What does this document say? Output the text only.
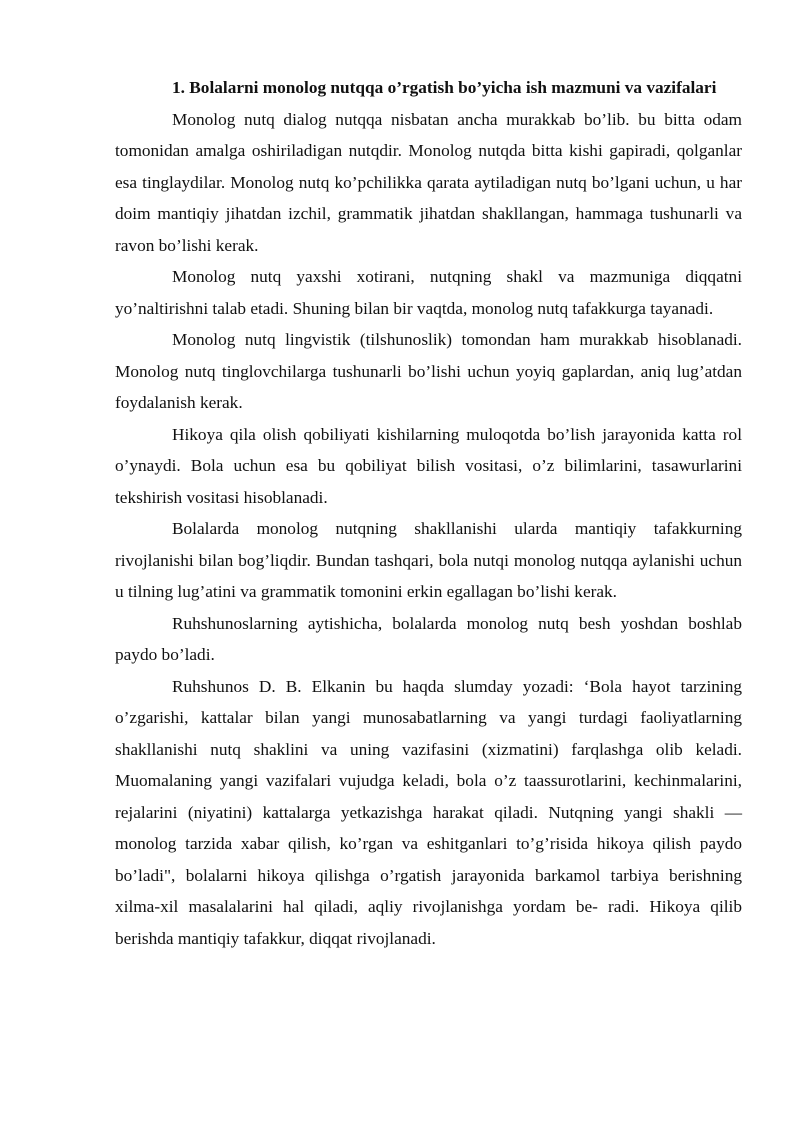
1. Bolalarni monolog nutqqa o’rgatish bo’yicha ish mazmuni va vazifalari

Monolog nutq dialog nutqqa nisbatan ancha murakkab bo’lib. bu bitta odam tomonidan amalga oshiriladigan nutqdir. Monolog nutqda bitta kishi gapiradi, qolganlar esa tinglaydilar. Monolog nutq ko’pchilikka qarata aytiladigan nutq bo’lgani uchun, u har doim mantiqiy jihatdan izchil, grammatik jihatdan shakllangan, hammaga tushunarli va ravon bo’lishi kerak.

Monolog nutq yaxshi xotirani, nutqning shakl va mazmuniga diqqatni yo’naltirishni talab etadi. Shuning bilan bir vaqtda, monolog nutq tafakkurga tayanadi.

Monolog nutq lingvistik (tilshunoslik) tomondan ham murakkab hisoblanadi. Monolog nutq tinglovchilarga tushunarli bo’lishi uchun yoyiq gaplardan, aniq lug’atdan foydalanish kerak.

Hikoya qila olish qobiliyati kishilarning muloqotda bo’lish jarayonida katta rol o’ynaydi. Bola uchun esa bu qobiliyat bilish vositasi, o’z bilimlarini, tasawurlarini tekshirish vositasi hisoblanadi.

Bolalarda monolog nutqning shakllanishi ularda mantiqiy tafakkurning rivojlanishi bilan bog’liqdir. Bundan tashqari, bola nutqi monolog nutqqa aylanishi uchun u tilning lug’atini va grammatik tomonini erkin egallagan bo’lishi kerak.

Ruhshunoslarning aytishicha, bolalarda monolog nutq besh yoshdan boshlab paydo bo’ladi.

Ruhshunos D. B. Elkanin bu haqda slumday yozadi: ‘Bola hayot tarzining o’zgarishi, kattalar bilan yangi munosabatlarning va yangi turdagi faoliyatlarning shakllanishi nutq shaklini va uning vazifasini (xizmatini) farqlashga olib keladi. Muomalaning yangi vazifalari vujudga keladi, bola o’z taassurotlarini, kechinmalarini, rejalarini (niyatini) kattalarga yetkazishga harakat qiladi. Nutqning yangi shakli — monolog tarzida xabar qilish, ko’rgan va eshitganlari to’g’risida hikoya qilish paydo bo’ladi", bolalarni hikoya qilishga o’rgatish jarayonida barkamol tarbiya berishning xilma-xil masalalarini hal qiladi, aqliy rivojlanishga yordam be- radi. Hikoya qilib berishda mantiqiy tafakkur, diqqat rivojlanadi.
